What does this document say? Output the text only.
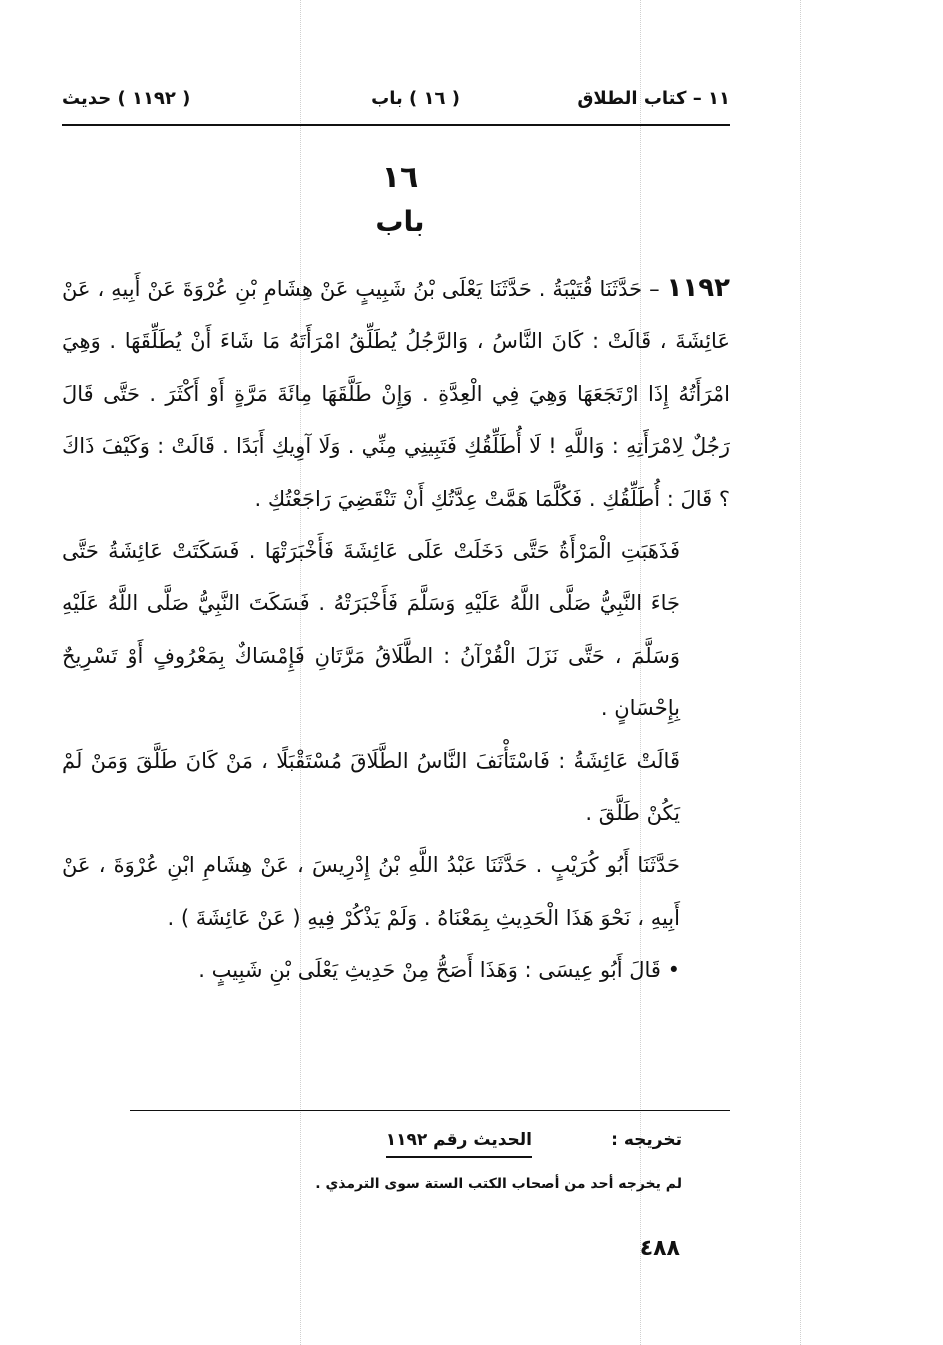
١١ – كتاب الطلاق
( ١٦ ) باب
( ١١٩٢ ) حديث
١٦
باب

١١٩٢ – حَدَّثَنَا قُتَيْبَةُ . حَدَّثَنَا يَعْلَى بْنُ شَبِيبٍ عَنْ هِشَامِ بْنِ عُرْوَةَ عَنْ أَبِيهِ ، عَنْ عَائِشَةَ ، قَالَتْ : كَانَ النَّاسُ ، وَالرَّجُلُ يُطَلِّقُ امْرَأَتَهُ مَا شَاءَ أَنْ يُطَلِّقَهَا . وَهِيَ امْرَأَتُهُ إِذَا ارْتَجَعَهَا وَهِيَ فِي الْعِدَّةِ . وَإِنْ طَلَّقَهَا مِائَةَ مَرَّةٍ أَوْ أَكْثَرَ . حَتَّى قَالَ رَجُلٌ لِامْرَأَتِهِ : وَاللَّهِ ! لَا أُطَلِّقُكِ فَتَبِينِي مِنِّي . وَلَا آوِيكِ أَبَدًا . قَالَتْ : وَكَيْفَ ذَاكَ ؟ قَالَ : أُطَلِّقُكِ . فَكُلَّمَا هَمَّتْ عِدَّتُكِ أَنْ تَنْقَضِيَ رَاجَعْتُكِ .

فَذَهَبَتِ الْمَرْأَةُ حَتَّى دَخَلَتْ عَلَى عَائِشَةَ فَأَخْبَرَتْهَا . فَسَكَتَتْ عَائِشَةُ حَتَّى جَاءَ النَّبِيُّ صَلَّى اللَّهُ عَلَيْهِ وَسَلَّمَ فَأَخْبَرَتْهُ . فَسَكَتَ النَّبِيُّ صَلَّى اللَّهُ عَلَيْهِ وَسَلَّمَ ، حَتَّى نَزَلَ الْقُرْآنُ : الطَّلَاقُ مَرَّتَانِ فَإِمْسَاكٌ بِمَعْرُوفٍ أَوْ تَسْرِيحٌ بِإِحْسَانٍ .

قَالَتْ عَائِشَةُ : فَاسْتَأْنَفَ النَّاسُ الطَّلَاقَ مُسْتَقْبَلًا ، مَنْ كَانَ طَلَّقَ وَمَنْ لَمْ يَكُنْ طَلَّقَ .

حَدَّثَنَا أَبُو كُرَيْبٍ . حَدَّثَنَا عَبْدُ اللَّهِ بْنُ إِدْرِيسَ ، عَنْ هِشَامِ ابْنِ عُرْوَةَ ، عَنْ أَبِيهِ ، نَحْوَ هَذَا الْحَدِيثِ بِمَعْنَاهُ . وَلَمْ يَذْكُرْ فِيهِ ( عَنْ عَائِشَةَ ) .

• قَالَ أَبُو عِيسَى : وَهَذَا أَصَحُّ مِنْ حَدِيثِ يَعْلَى بْنِ شَبِيبٍ .

تخريجه :
الحديث رقم ١١٩٢
لم يخرجه أحد من أصحاب الكتب الستة سوى الترمذي .
٤٨٨
